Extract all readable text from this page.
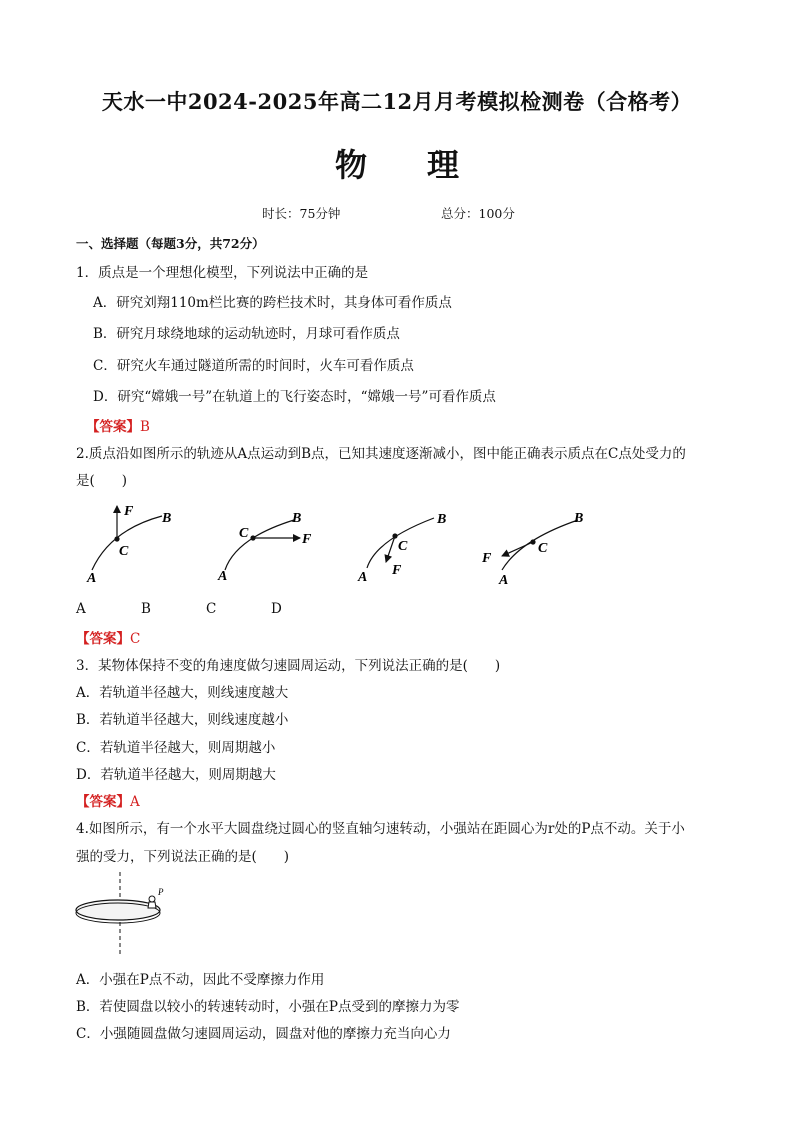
天水一中2024-2025年高二12月月考模拟检测卷（合格考）
物理
时长：75分钟	总分：100分
一、选择题（每题3分，共72分）
1．质点是一个理想化模型，下列说法中正确的是
A．研究刘翔110m栏比赛的跨栏技术时，其身体可看作质点
B．研究月球绕地球的运动轨迹时，月球可看作质点
C．研究火车通过隧道所需的时间时，火车可看作质点
D．研究“嫦娥一号”在轨道上的飞行姿态时，“嫦娥一号”可看作质点
【答案】B
2.质点沿如图所示的轨迹从A点运动到B点，已知其速度逐渐减小，图中能正确表示质点在C点处受力的
是(　　)
F B
C
A
F
B
C
A	F
B
C
A
F
B
C
A
A	B	C	D
【答案】C
3．某物体保持不变的角速度做匀速圆周运动，下列说法正确的是(　　)
A．若轨道半径越大，则线速度越大
B．若轨道半径越大，则线速度越小
C．若轨道半径越大，则周期越小
D．若轨道半径越大，则周期越大
【答案】A
4.如图所示，有一个水平大圆盘绕过圆心的竖直轴匀速转动，小强站在距圆心为r处的P点不动。关于小
强的受力，下列说法正确的是(　　)
P
A．小强在P点不动，因此不受摩擦力作用
B．若使圆盘以较小的转速转动时，小强在P点受到的摩擦力为零
C．小强随圆盘做匀速圆周运动，圆盘对他的摩擦力充当向心力
